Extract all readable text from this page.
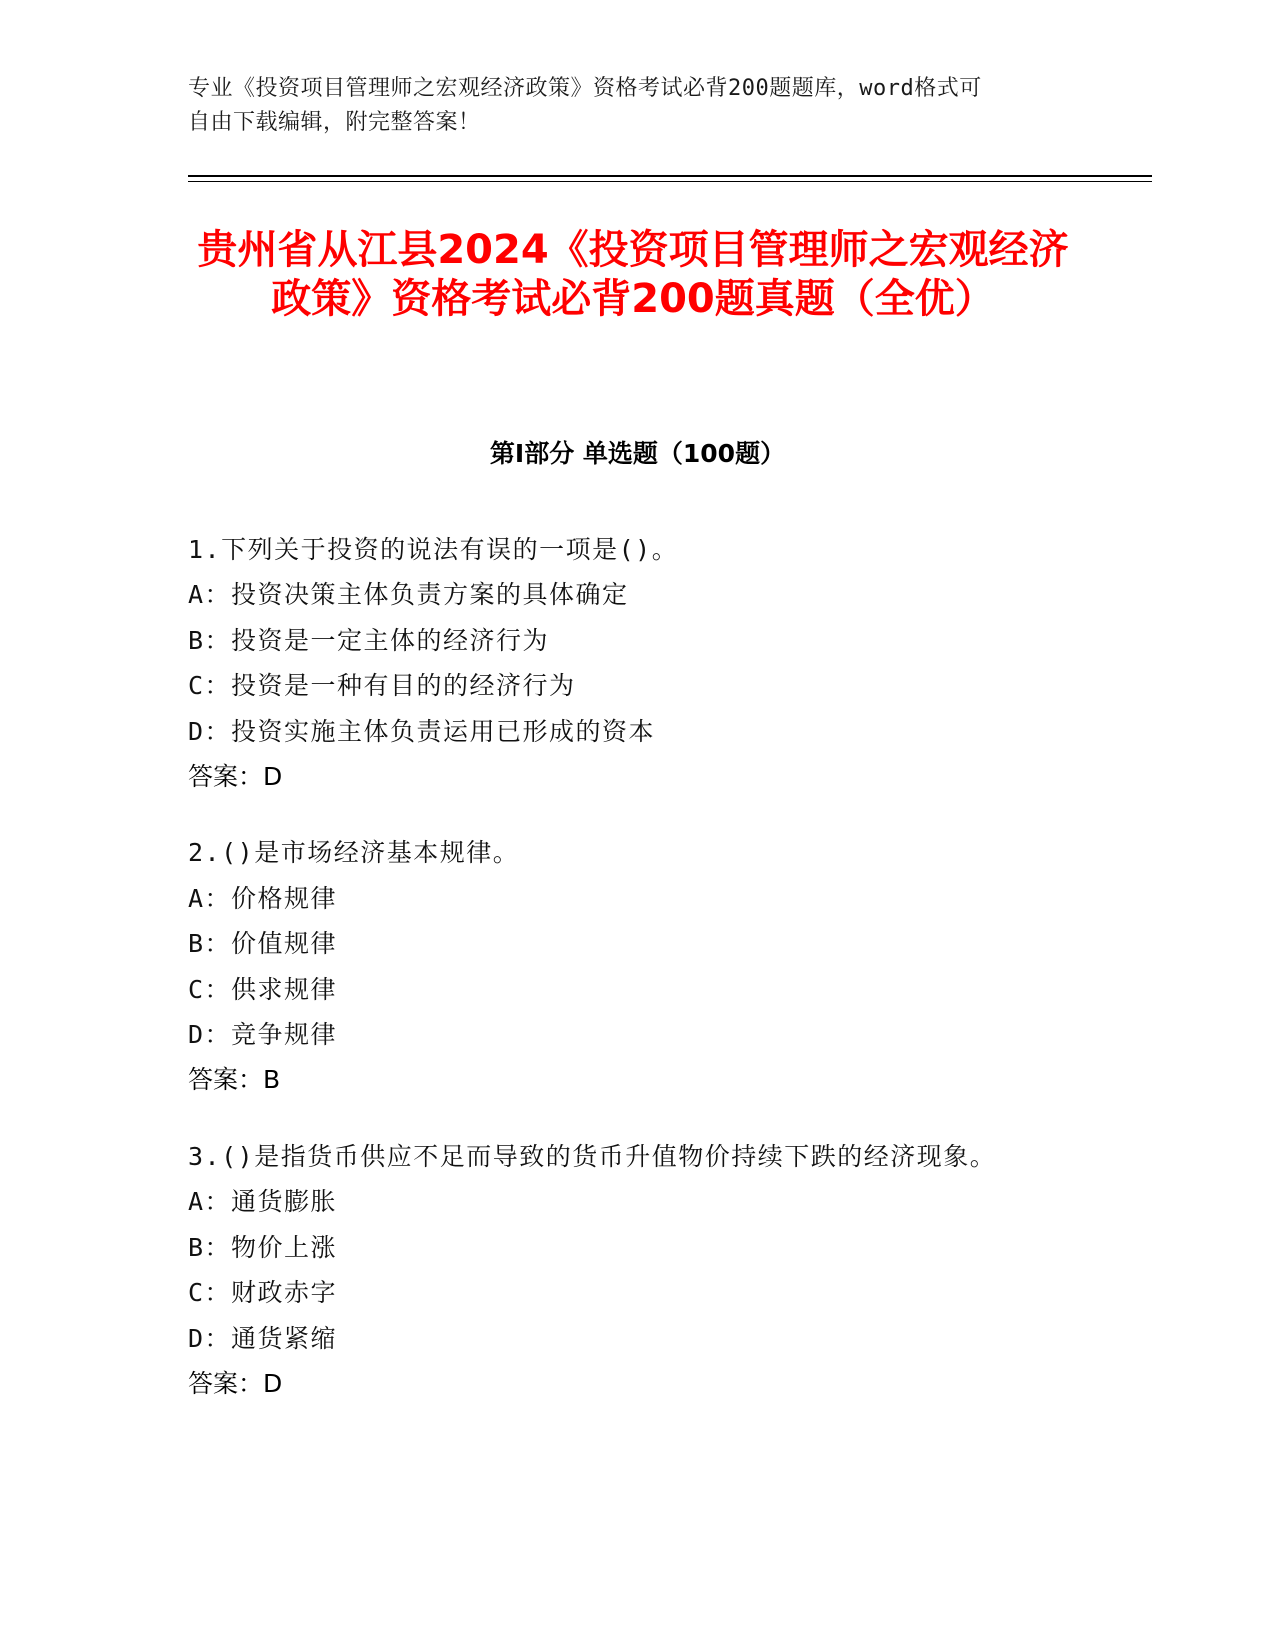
专业《投资项目管理师之宏观经济政策》资格考试必背200题题库，word格式可
自由下载编辑，附完整答案！
贵州省从江县2024《投资项目管理师之宏观经济政策》资格考试必背200题真题（全优）
第Ⅰ部分 单选题（100题）
1.下列关于投资的说法有误的一项是()。
A：投资决策主体负责方案的具体确定
B：投资是一定主体的经济行为
C：投资是一种有目的的经济行为
D：投资实施主体负责运用已形成的资本
答案：D
2.()是市场经济基本规律。
A：价格规律
B：价值规律
C：供求规律
D：竞争规律
答案：B
3.()是指货币供应不足而导致的货币升值物价持续下跌的经济现象。
A：通货膨胀
B：物价上涨
C：财政赤字
D：通货紧缩
答案：D
